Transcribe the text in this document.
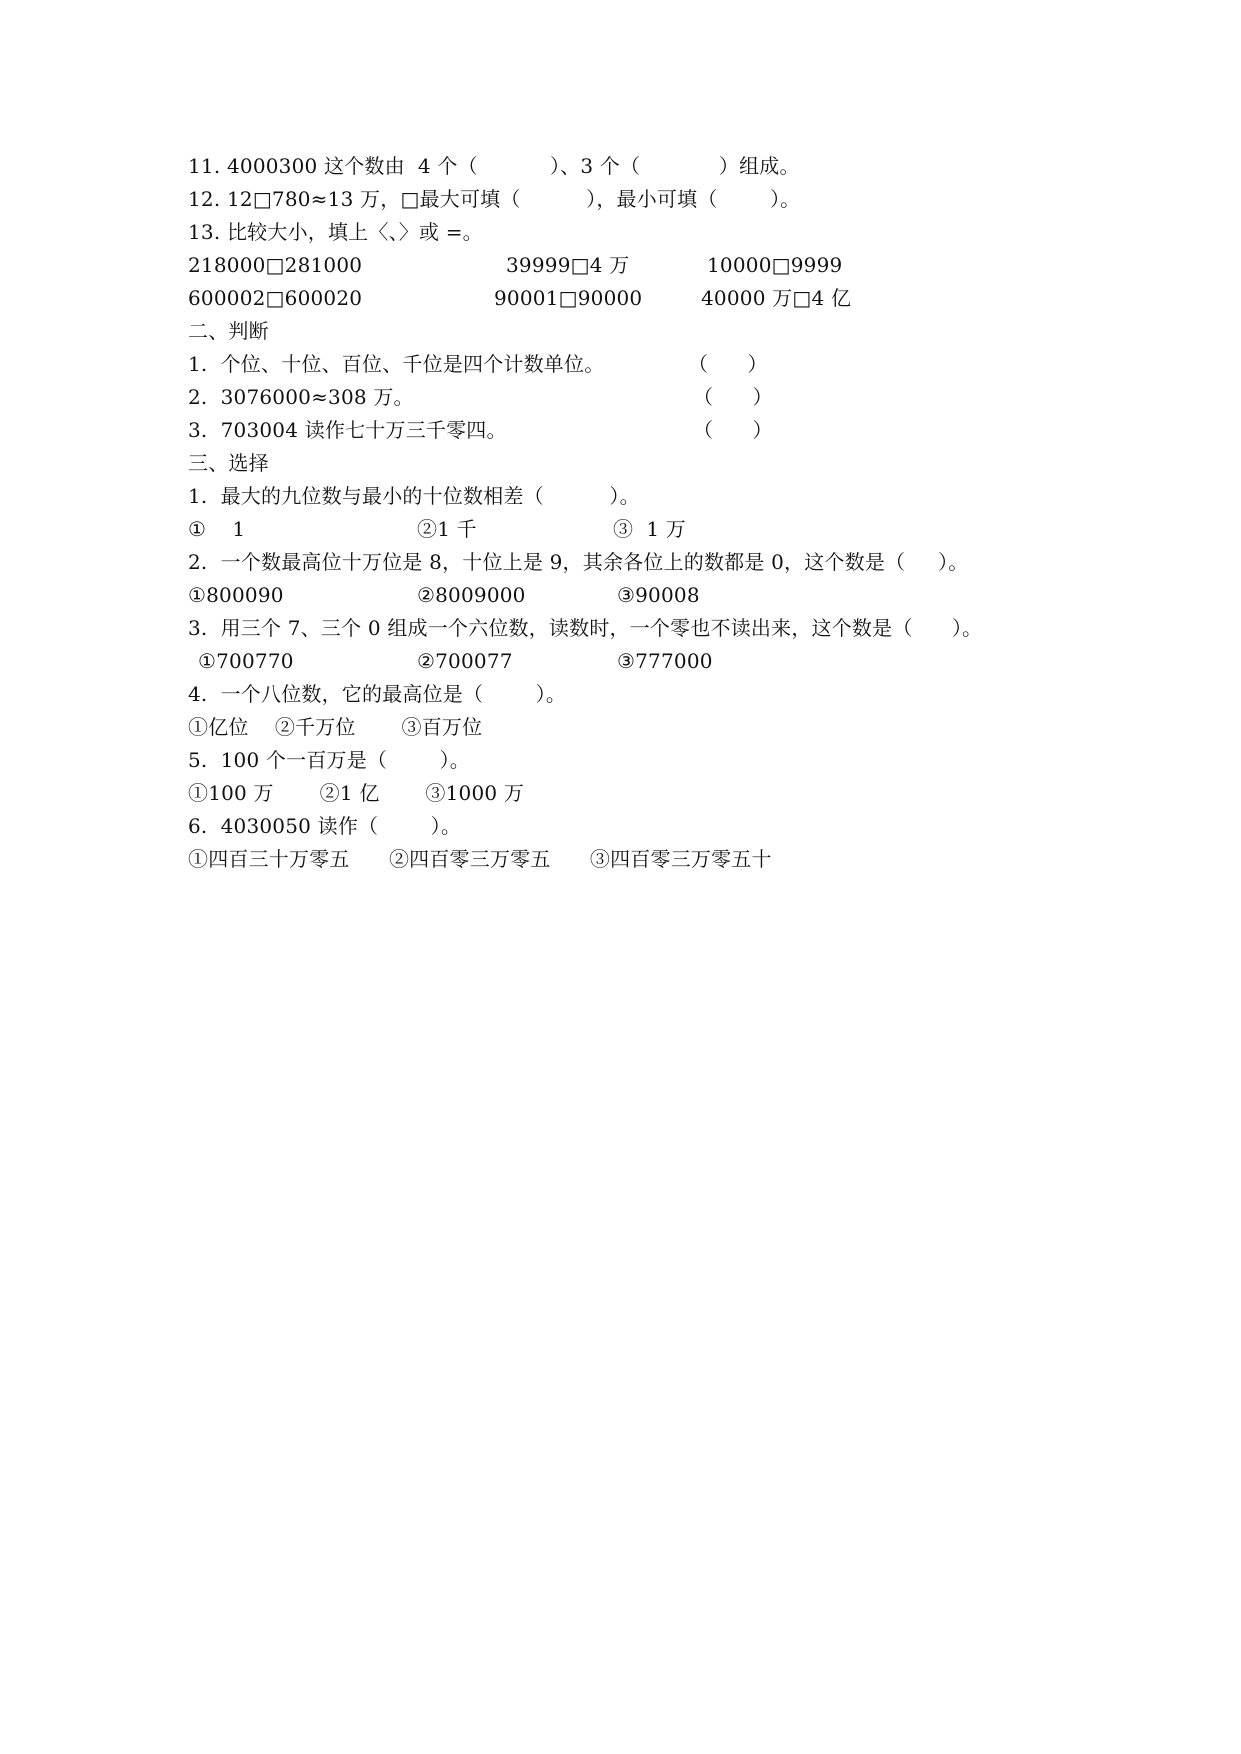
11. 4000300 这个数由  4 个（           ）、3 个（            ）组成。
12. 12□780≈13 万，□最大可填（          ），最小可填（        ）。
13. 比较大小，填上〈、〉或 =。

218000□281000

	39999□4 万

	10000□9999

600002□600020

	90001□90000

	40000 万□4 亿

二、判断

1.  个位、十位、百位、千位是四个计数单位。

	（      ）

2.  3076000≈308 万。

	（      ）

3.  703004 读作七十万三千零四。

	（      ）

三、选择
1.  最大的九位数与最小的十位数相差（          ）。

①    1

	②1 千

	③  1 万

2.  一个数最高位十万位是 8，十位上是 9，其余各位上的数都是 0，这个数是（     ）。

①800090

	②8009000

	③90008

3.  用三个 7、三个 0 组成一个六位数，读数时，一个零也不读出来，这个数是（      ）。

①700770

	②700077

	③777000

4.  一个八位数，它的最高位是（        ）。
①亿位    ②千万位       ③百万位
5.  100 个一百万是（        ）。
①100 万       ②1 亿       ③1000 万
6.  4030050 读作（        ）。
①四百三十万零五      ②四百零三万零五      ③四百零三万零五十
